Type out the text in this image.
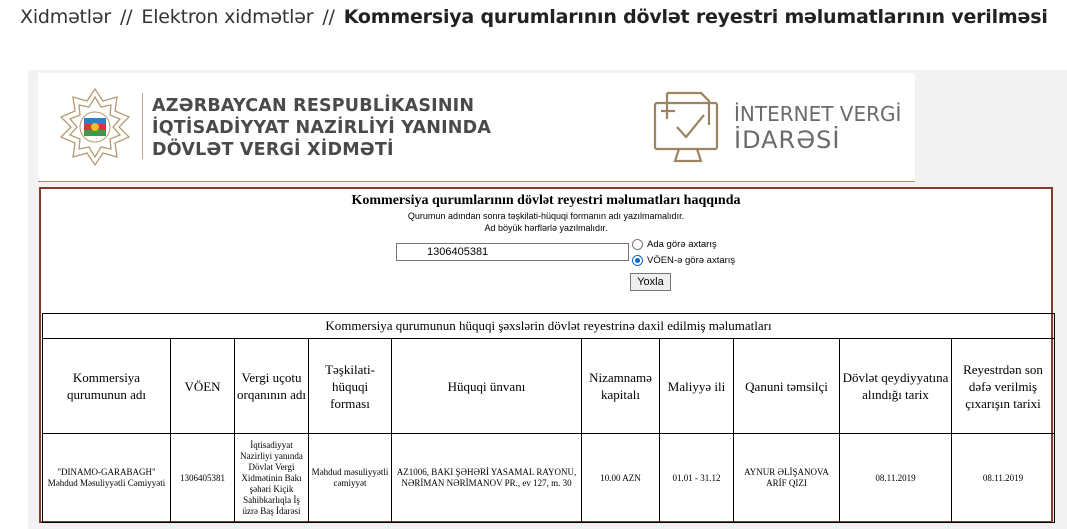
Xidmətlər // Elektron xidmətlər // Kommersiya qurumlarının dövlət reyestri məlumatlarının verilməsi
AZƏRBAYCAN RESPUBLİKASININ
İQTİSADİYYAT NAZİRLİYİ YANINDA
DÖVLƏT VERGİ XİDMƏTİ
İNTERNET VERGİ
İDARƏSİ
Kommersiya qurumlarının dövlət reyestri məlumatları haqqında
Qurumun adından sonra təşkilati-hüquqi formanın adı yazılmamalıdır.
Ad böyük hərflərlə yazılmalıdır.
1306405381
Ada görə axtarış
VÖEN-ə görə axtarış
Yoxla
Kommersiya qurumunun hüquqi şəxslərin dövlət reyestrinə daxil edilmiş məlumatları									
Kommersiya qurumunun adı	VÖEN	Vergi uçotu orqanının adı	Təşkilati-hüquqi forması	Hüquqi ünvanı	Nizamnamə kapitalı	Maliyyə ili	Qanuni təmsilçi	Dövlət qeydiyyatına alındığı tarix	Reyestrdən son dəfə verilmiş çıxarışın tarixi
"DINAMO-GARABAGH" Məhdud Məsuliyyətli Cəmiyyəti	1306405381	İqtisadiyyat Nazirliyi yanında Dövlət Vergi Xidmətinin Bakı şəhəri Kiçik Sahibkarlıqla İş üzrə Baş İdarəsi	Məhdud məsuliyyətli cəmiyyət	AZ1006, BAKI ŞƏHƏRİ YASAMAL RAYONU, NƏRİMAN NƏRİMANOV PR., ev 127, m. 30	10.00 AZN	01.01 - 31.12	AYNUR ƏLİŞANOVA ARİF QIZI	08.11.2019	08.11.2019
